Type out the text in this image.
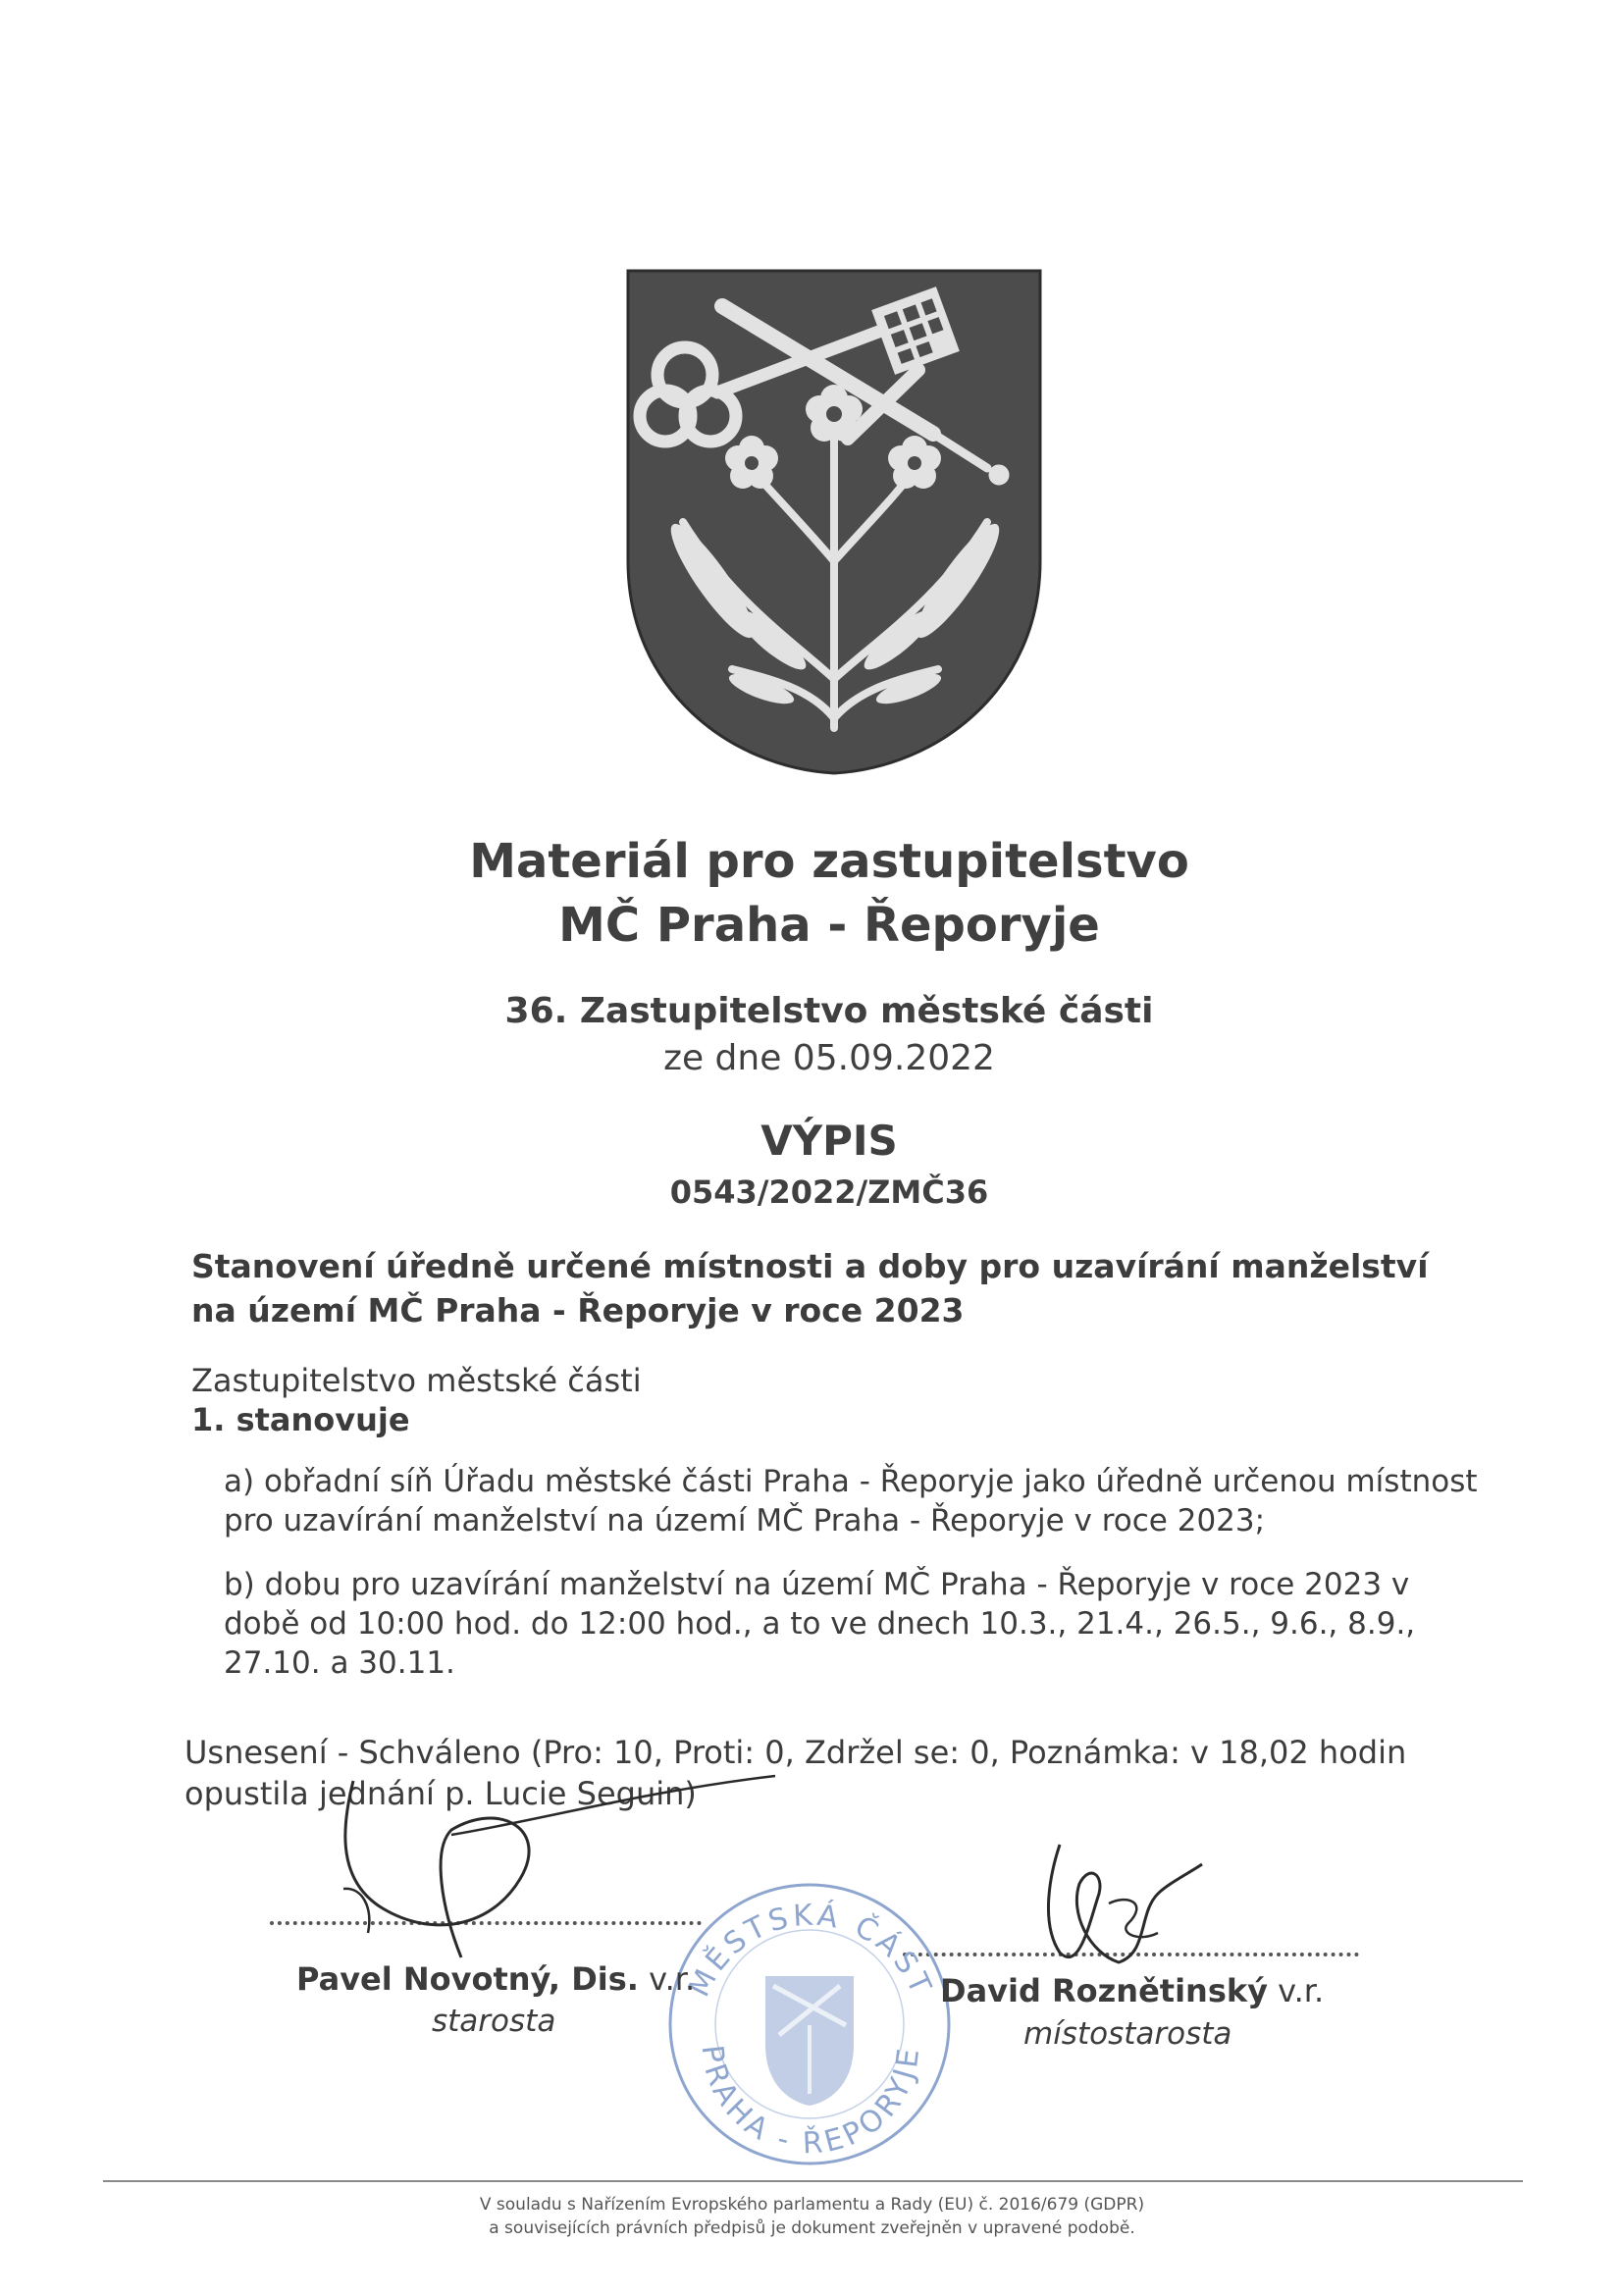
Materiál pro zastupitelstvo
MČ Praha - Řeporyje
36. Zastupitelstvo městské části
ze dne 05.09.2022
VÝPIS
0543/2022/ZMČ36
Stanovení úředně určené místnosti a doby pro uzavírání manželství na území MČ Praha - Řeporyje v roce 2023
Zastupitelstvo městské části
1. stanovuje
a) obřadní síň Úřadu městské části Praha - Řeporyje jako úředně určenou místnost pro uzavírání manželství na území MČ Praha - Řeporyje v roce 2023;
b) dobu pro uzavírání manželství na území MČ Praha - Řeporyje v roce 2023 v době od 10:00 hod. do 12:00 hod., a to ve dnech 10.3., 21.4., 26.5., 9.6., 8.9., 27.10. a 30.11.
Usnesení - Schváleno (Pro: 10, Proti: 0, Zdržel se: 0, Poznámka: v 18,02 hodin opustila jednání p. Lucie Seguin)
MĚSTSKÁ ČÁST
PRAHA - ŘEPORYJE
Pavel Novotný, Dis. v.r.
starosta
David Roznětinský v.r.
místostarosta
V souladu s Nařízením Evropského parlamentu a Rady (EU) č. 2016/679 (GDPR)
a souvisejících právních předpisů je dokument zveřejněn v upravené podobě.
